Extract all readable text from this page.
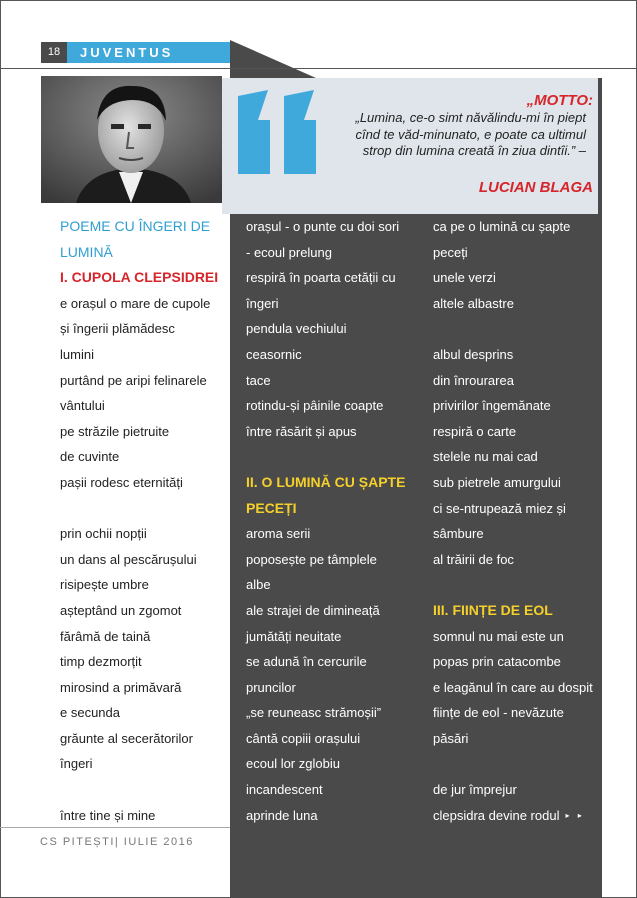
18	JUVENTUS
„MOTTO:
„Lumina, ce-o simt năvălindu-mi în piept cînd te văd-minunato, e poate ca ultimul strop din lumina creată în ziua dintîi.” –
LUCIAN BLAGA
POEME CU ÎNGERI DE
LUMINĂ
I. CUPOLA CLEPSIDREI
e orașul o mare de cupole
și îngerii plămădesc
lumini
purtând pe aripi felinarele
vântului
pe străzile pietruite
de cuvinte
pașii rodesc eternități

prin ochii nopții
un dans al pescărușului
risipește umbre
așteptând un zgomot
fărâmă de taină
timp dezmorțit
mirosind a primăvară
e secunda
grăunte al secerătorilor
îngeri

între tine și mine
orașul - o punte cu doi sori
- ecoul prelung
respiră în poarta cetății cu
îngeri
pendula vechiului
ceasornic
tace
rotindu-și pâinile coapte
între răsărit și apus

II. O LUMINĂ CU ȘAPTE
PECEȚI
aroma serii
poposește pe tâmplele
albe
ale strajei de dimineață
jumătăți neuitate
se adună în cercurile
pruncilor
„se reuneasc strămoșii”
cântă copiii orașului
ecoul lor zglobiu
incandescent
aprinde luna
ca pe o lumină cu șapte
peceți
unele verzi
altele albastre

albul desprins
din înrourarea
privirilor îngemănate
respiră o carte
stelele nu mai cad
sub pietrele amurgului
ci se-ntrupează miez și
sâmbure
al trăirii de foc

III. FIINȚE DE EOL
somnul nu mai este un
popas prin catacombe
e leagănul în care au dospit
ființe de eol - nevăzute
păsări

de jur împrejur
clepsidra devine rodul ▸ ▸
CS PITEȘTI| IULIE 2016
